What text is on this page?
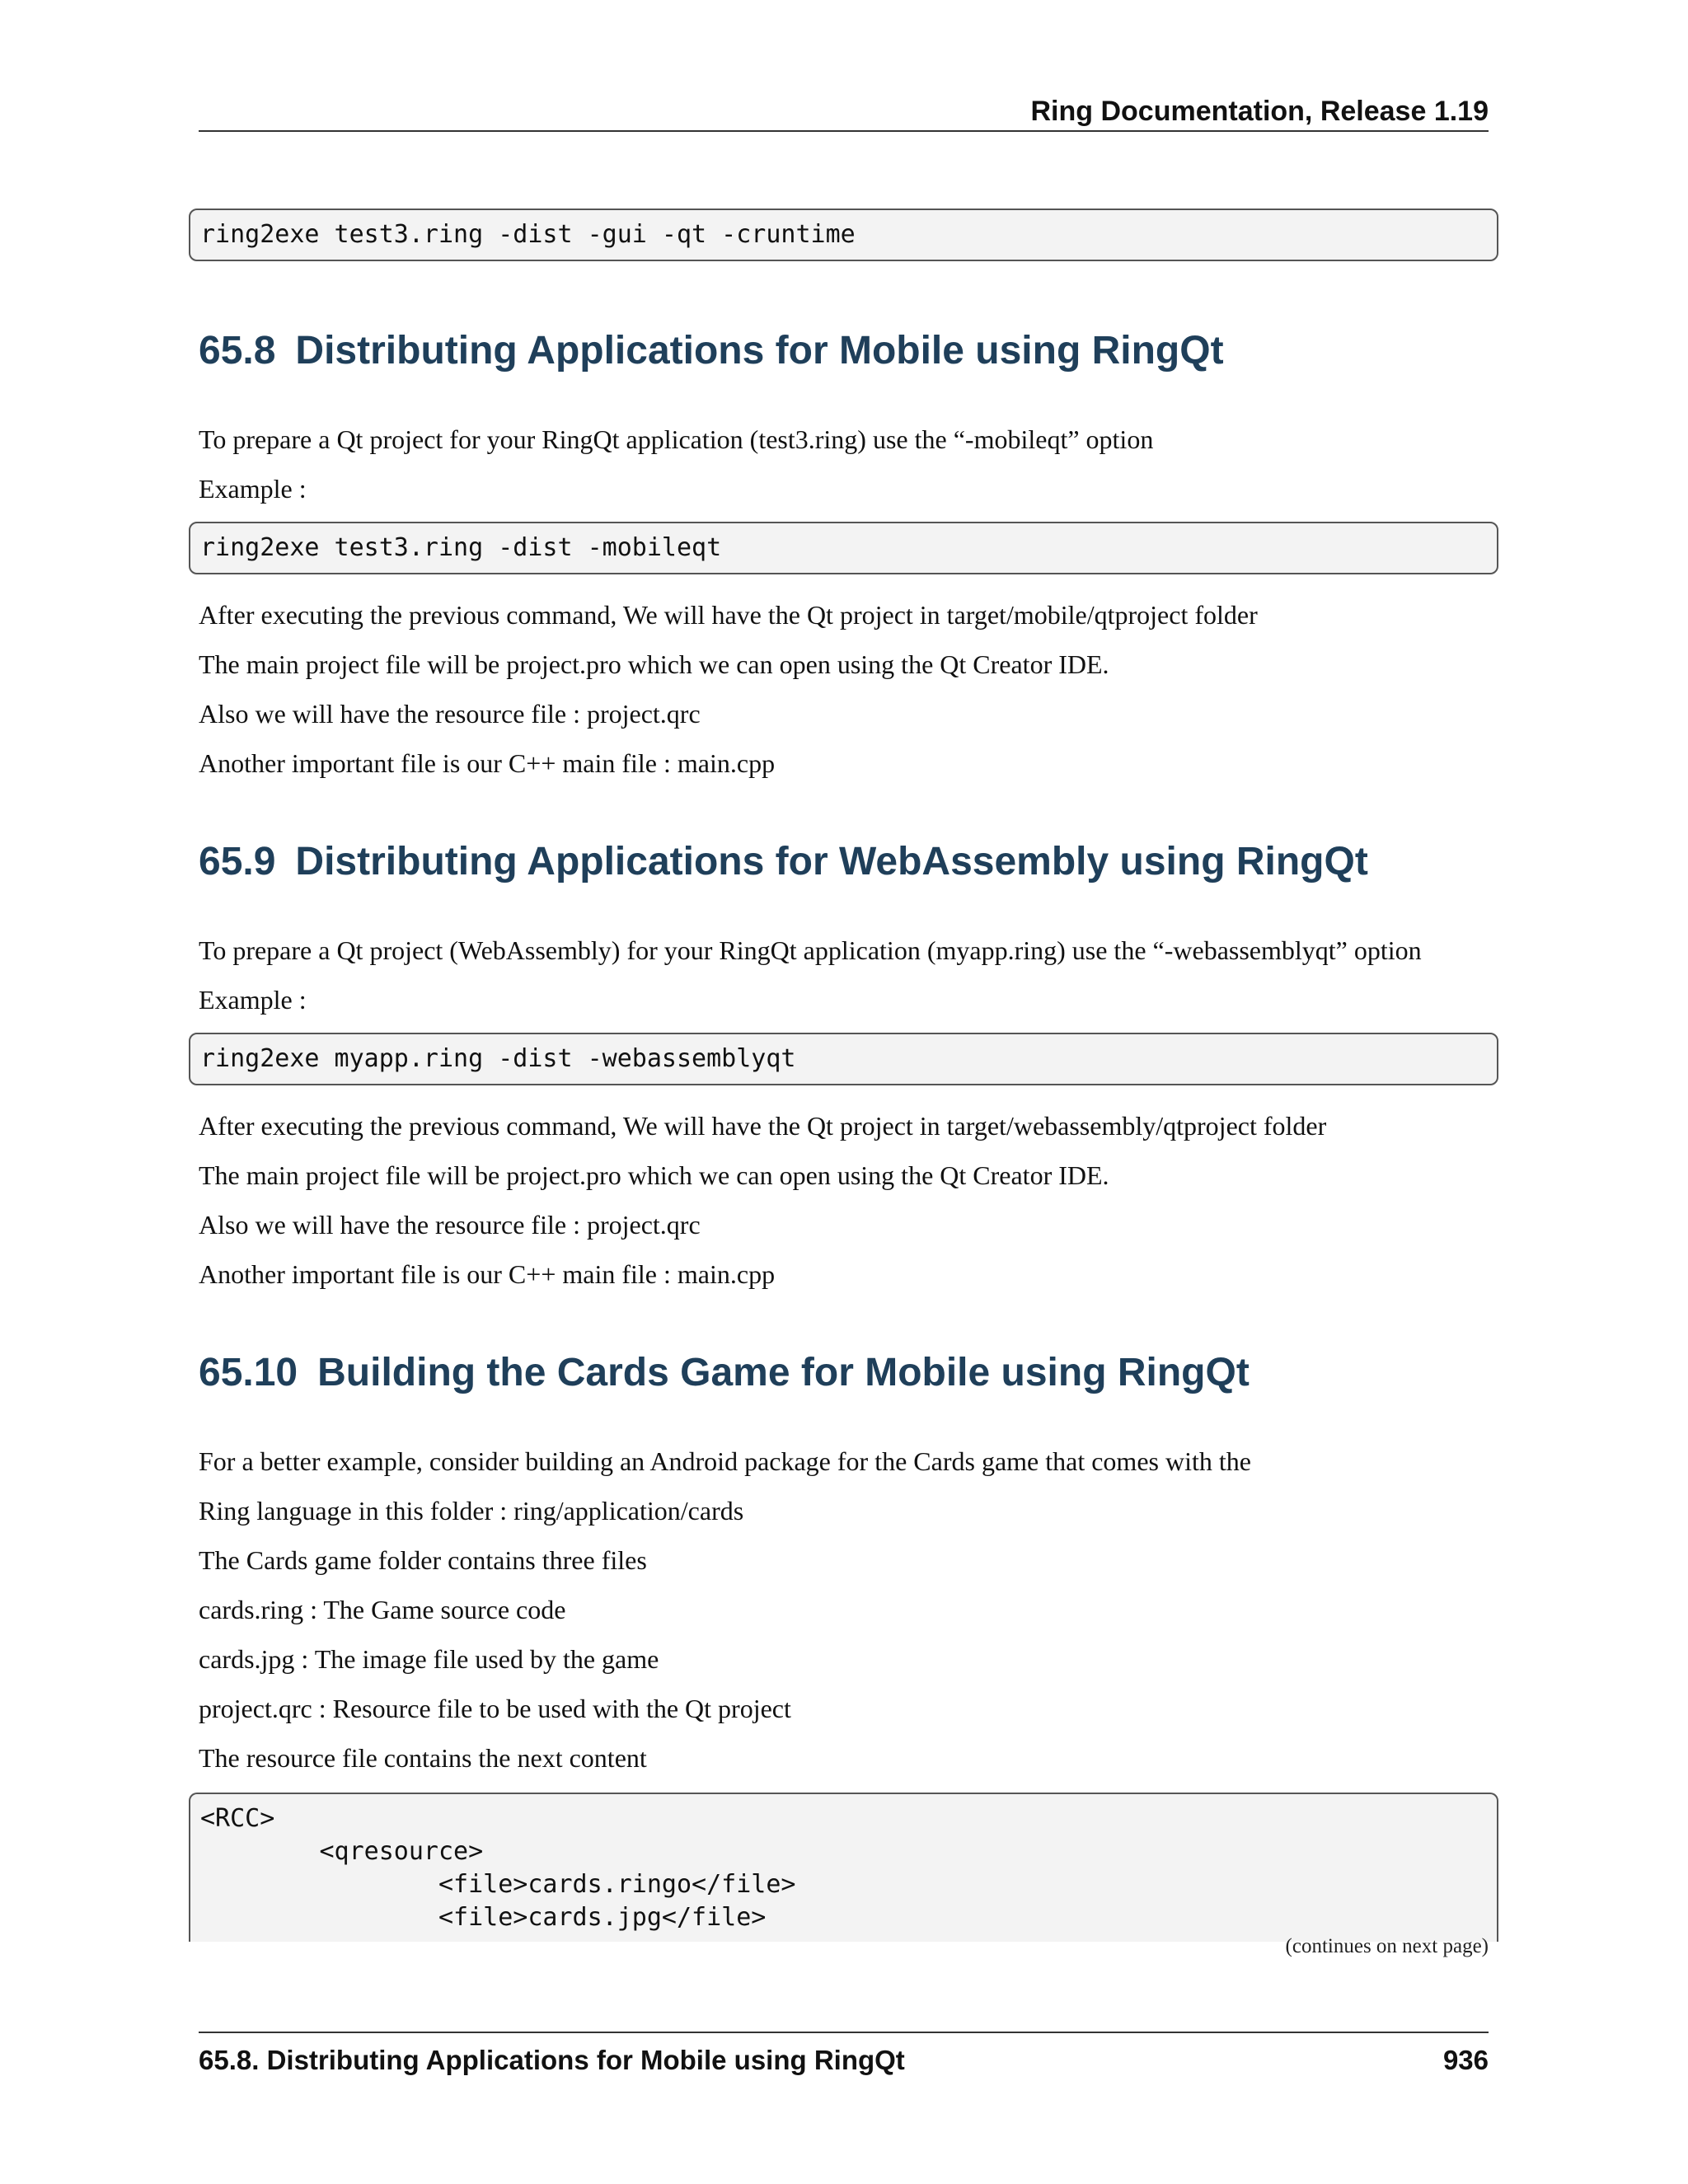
Ring Documentation, Release 1.19
ring2exe test3.ring -dist -gui -qt -cruntime
65.8 Distributing Applications for Mobile using RingQt

To prepare a Qt project for your RingQt application (test3.ring) use the “-mobileqt” option

Example :

ring2exe test3.ring -dist -mobileqt

After executing the previous command, We will have the Qt project in target/mobile/qtproject folder

The main project file will be project.pro which we can open using the Qt Creator IDE.

Also we will have the resource file : project.qrc

Another important file is our C++ main file : main.cpp

65.9 Distributing Applications for WebAssembly using RingQt

To prepare a Qt project (WebAssembly) for your RingQt application (myapp.ring) use the “-webassemblyqt” option

Example :

ring2exe myapp.ring -dist -webassemblyqt

After executing the previous command, We will have the Qt project in target/webassembly/qtproject folder

The main project file will be project.pro which we can open using the Qt Creator IDE.

Also we will have the resource file : project.qrc

Another important file is our C++ main file : main.cpp

65.10 Building the Cards Game for Mobile using RingQt

For a better example, consider building an Android package for the Cards game that comes with the

Ring language in this folder : ring/application/cards

The Cards game folder contains three files

cards.ring : The Game source code

cards.jpg : The image file used by the game

project.qrc : Resource file to be used with the Qt project

The resource file contains the next content

<RCC>
<qresource>
<file>cards.ringo</file>
<file>cards.jpg</file>
(continues on next page)
65.8. Distributing Applications for Mobile using RingQt	936
